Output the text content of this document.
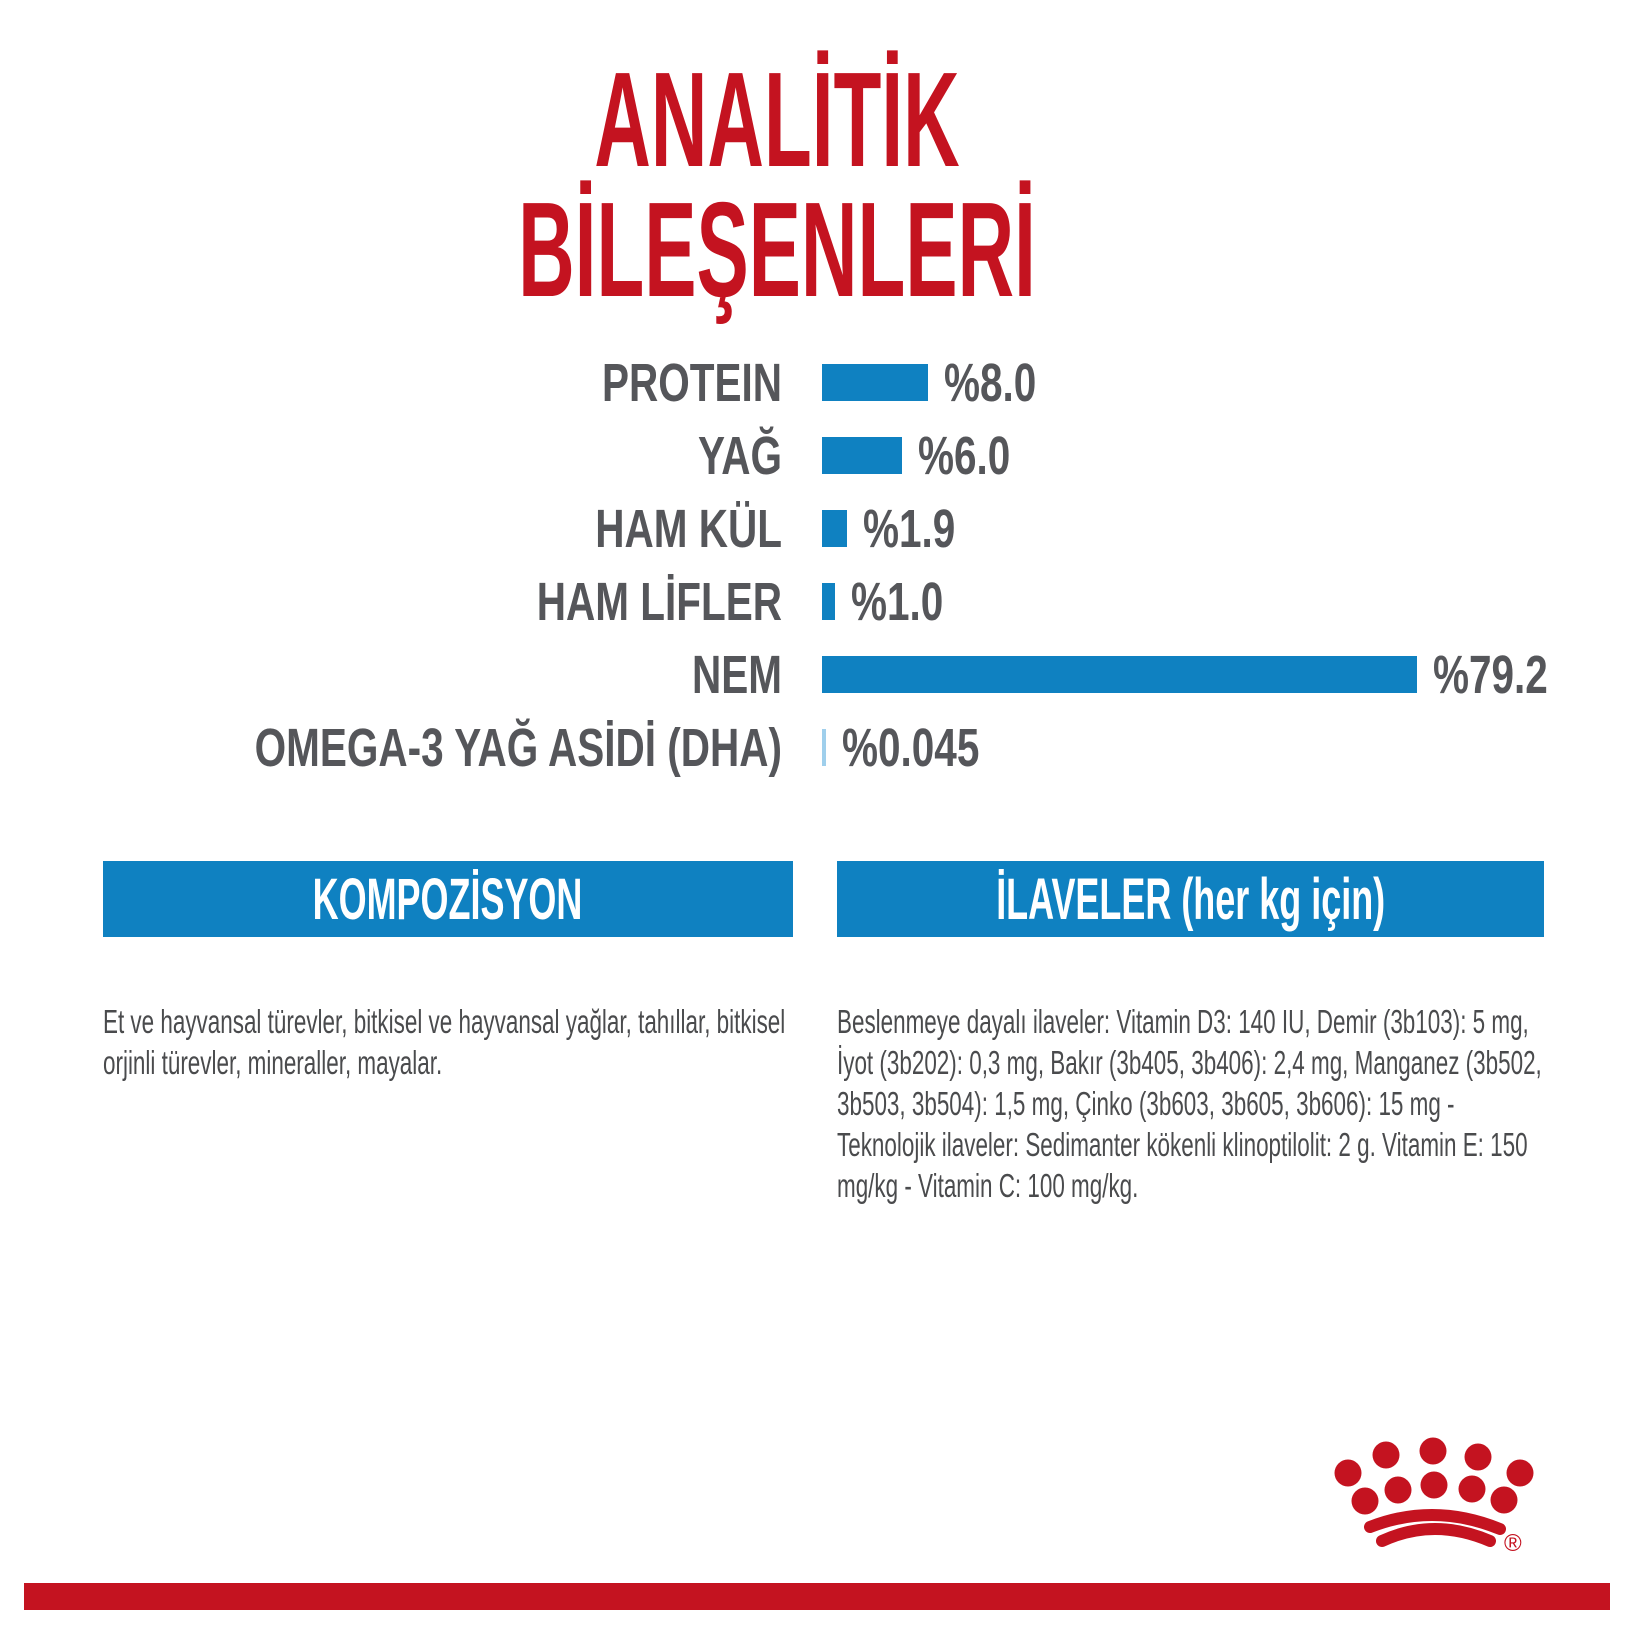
ANALİTİK
BİLEŞENLERİ
PROTEIN	%8.0
YAĞ	%6.0
HAM KÜL %1.9
HAM LİFLER %1.0
NEM	%79.2
OMEGA-3 YAĞ ASİDİ (DHA) %0.045
KOMPOZİSYON	İLAVELER (her kg için)

Et ve hayvansal türevler, bitkisel ve hayvansal yağlar, tahıllar, bitkisel orjinli türevler, mineraller, mayalar.

Beslenmeye dayalı ilaveler: Vitamin D3: 140 IU, Demir (3b103): 5 mg, İyot (3b202): 0,3 mg, Bakır (3b405, 3b406): 2,4 mg, Manganez (3b502, 3b503, 3b504): 1,5 mg, Çinko (3b603, 3b605, 3b606): 15 mg - Teknolojik ilaveler: Sedimanter kökenli klinoptilolit: 2 g. Vitamin E: 150 mg/kg - Vitamin C: 100 mg/kg.

®
